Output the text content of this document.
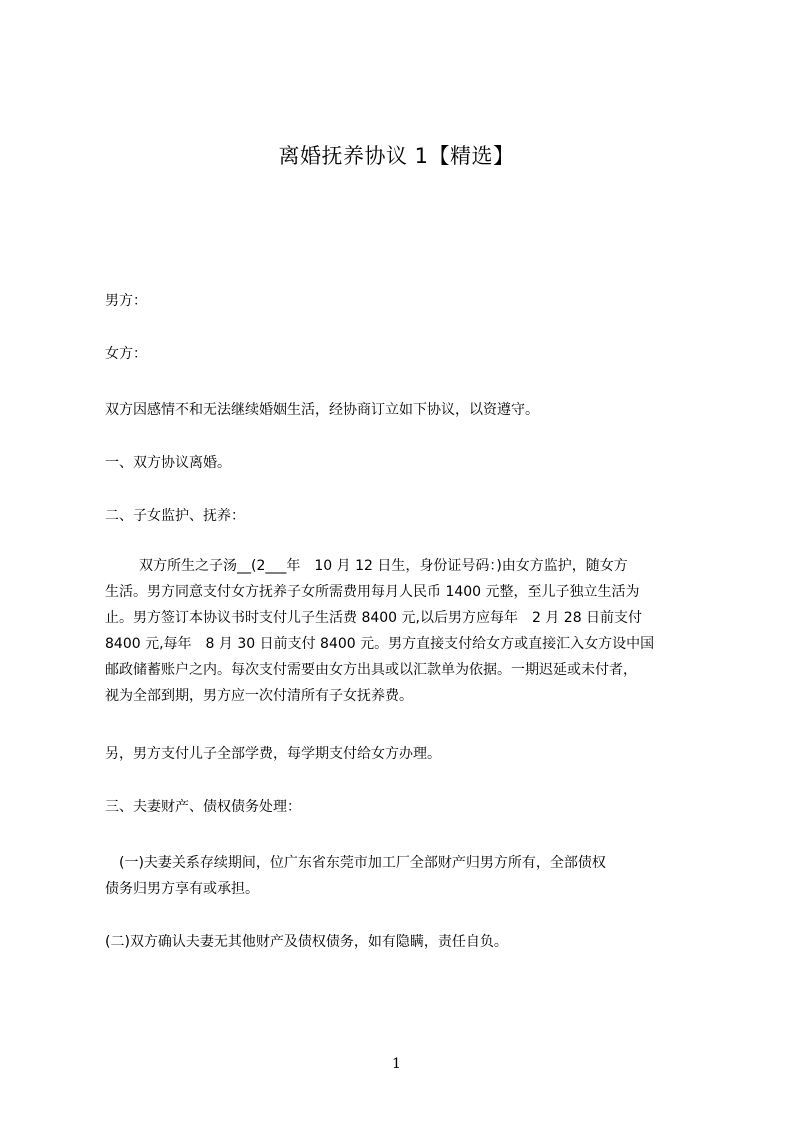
离婚抚养协议 1【精选】
男方：
女方：
双方因感情不和无法继续婚姻生活，经协商订立如下协议，以资遵守。
一、双方协议离婚。
二、子女监护、抚养：
双方所生之子汤__(2___年　10 月 12 日生，身份证号码：)由女方监护，随女方
生活。男方同意支付女方抚养子女所需费用每月人民币 1400 元整，至儿子独立生活为
止。男方签订本协议书时支付儿子生活费 8400 元,以后男方应每年　2 月 28 日前支付
8400 元,每年　8 月 30 日前支付 8400 元。男方直接支付给女方或直接汇入女方设中国
邮政储蓄账户之内。每次支付需要由女方出具或以汇款单为依据。一期迟延或未付者，
视为全部到期，男方应一次付清所有子女抚养费。
另，男方支付儿子全部学费，每学期支付给女方办理。
三、夫妻财产、债权债务处理：
(一)夫妻关系存续期间，位广东省东莞市加工厂全部财产归男方所有，全部债权
债务归男方享有或承担。
(二)双方确认夫妻无其他财产及债权债务，如有隐瞒，责任自负。
1
